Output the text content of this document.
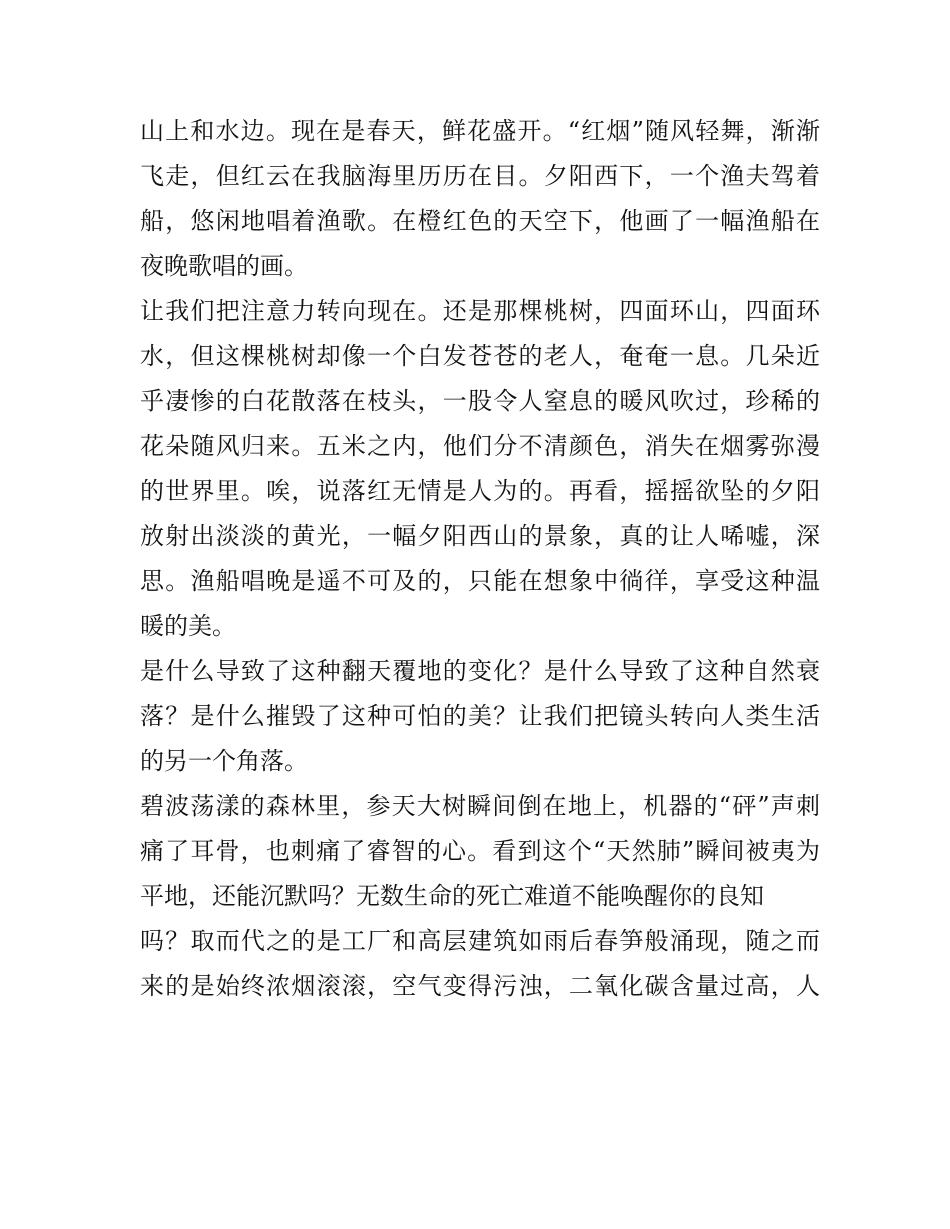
山上和水边。现在是春天，鲜花盛开。“红烟”随风轻舞，渐渐
飞走，但红云在我脑海里历历在目。夕阳西下，一个渔夫驾着
船，悠闲地唱着渔歌。在橙红色的天空下，他画了一幅渔船在
夜晚歌唱的画。
让我们把注意力转向现在。还是那棵桃树，四面环山，四面环
水，但这棵桃树却像一个白发苍苍的老人，奄奄一息。几朵近
乎凄惨的白花散落在枝头，一股令人窒息的暖风吹过，珍稀的
花朵随风归来。五米之内，他们分不清颜色，消失在烟雾弥漫
的世界里。唉，说落红无情是人为的。再看，摇摇欲坠的夕阳
放射出淡淡的黄光，一幅夕阳西山的景象，真的让人唏嘘，深
思。渔船唱晚是遥不可及的，只能在想象中徜徉，享受这种温
暖的美。
是什么导致了这种翻天覆地的变化？是什么导致了这种自然衰
落？是什么摧毁了这种可怕的美？让我们把镜头转向人类生活
的另一个角落。
碧波荡漾的森林里，参天大树瞬间倒在地上，机器的“砰”声刺
痛了耳骨，也刺痛了睿智的心。看到这个“天然肺”瞬间被夷为
平地，还能沉默吗？无数生命的死亡难道不能唤醒你的良知
吗？取而代之的是工厂和高层建筑如雨后春笋般涌现，随之而
来的是始终浓烟滚滚，空气变得污浊，二氧化碳含量过高，人
